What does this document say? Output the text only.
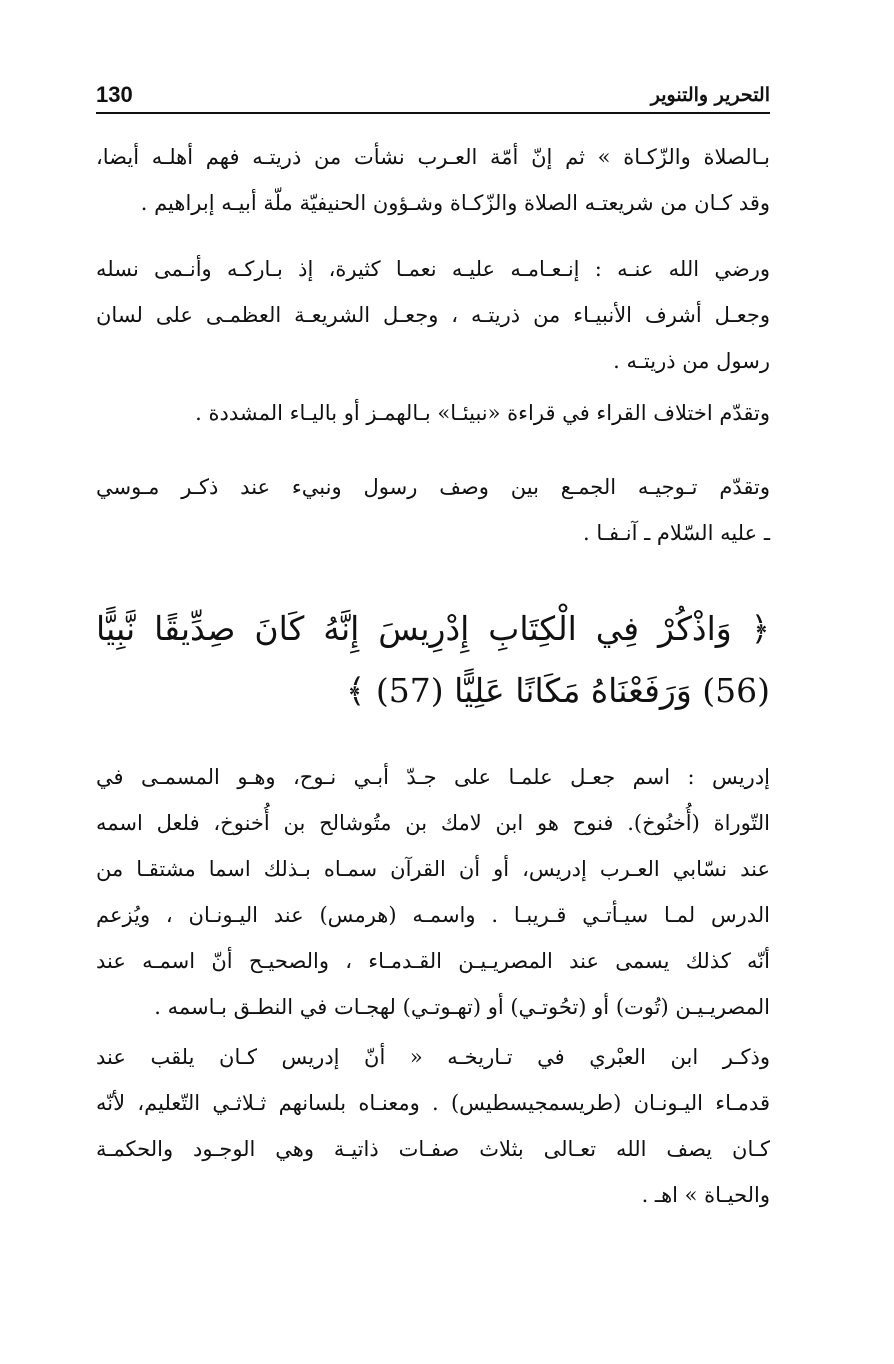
130	التحرير والتنوير
بـالصلاة والزّكـاة » ثم إنّ أمّة العـرب نشأت من ذريتـه فهم أهلـه أيضا،
وقد كـان من شريعتـه الصلاة والزّكـاة وشـؤون الحنيفيّة ملّة أبيـه إبراهيم .
ورضي الله عنـه : إنـعـامـه عليـه نعمـا كثيرة، إذ بـاركـه وأنـمى نسله
وجعـل أشرف الأنبيـاء من ذريتـه ، وجعـل الشريعـة العظمـى على لسان
رسول من ذريتـه .
وتقدّم اختلاف القراء في قراءة «نبيئـا» بـالهمـز أو باليـاء المشددة .
وتقدّم تـوجيـه الجمـع بين وصف رسول ونبيء عند ذكـر مـوسي
ـ عليه السّلام ـ آنـفـا .
﴿ وَاذْكُرْ فِي الْكِتَابِ إِدْرِيسَ إِنَّهُ كَانَ صِدِّيقًا نَّبِيًّا
(56) وَرَفَعْنَاهُ مَكَانًا عَلِيًّا (57) ﴾
إدريس : اسم جعـل علمـا على جـدّ أبـي نـوح، وهـو المسمـى في
التّوراة (أُخنُوخ). فنوح هو ابن لامك بن متُوشالح بن أُخنوخ، فلعل اسمه
عند نسّابي العـرب إدريس، أو أن القرآن سمـاه بـذلك اسما مشتقـا من
الدرس لمـا سيـأتـي قـريبـا . واسمـه (هرمس) عند اليـونـان ، ويُزعم
أنّه كذلك يسمى عند المصريـيـن القـدمـاء ، والصحيـح أنّ اسمـه عند
المصريـيـن (تُوت) أو (تحُوتـي) أو (تهـوتـي) لهجـات في النطـق بـاسمه .
وذكـر ابن العبْري في تـاريخـه « أنّ إدريس كـان يلقب عند
قدمـاء اليـونـان (طريسمجيسطيس) . ومعنـاه بلسانهم ثـلاثـي التّعليم، لأنّه
كـان يصف الله تعـالى بثلاث صفـات ذاتيـة وهي الوجـود والحكمـة
والحيـاة » اهـ .
